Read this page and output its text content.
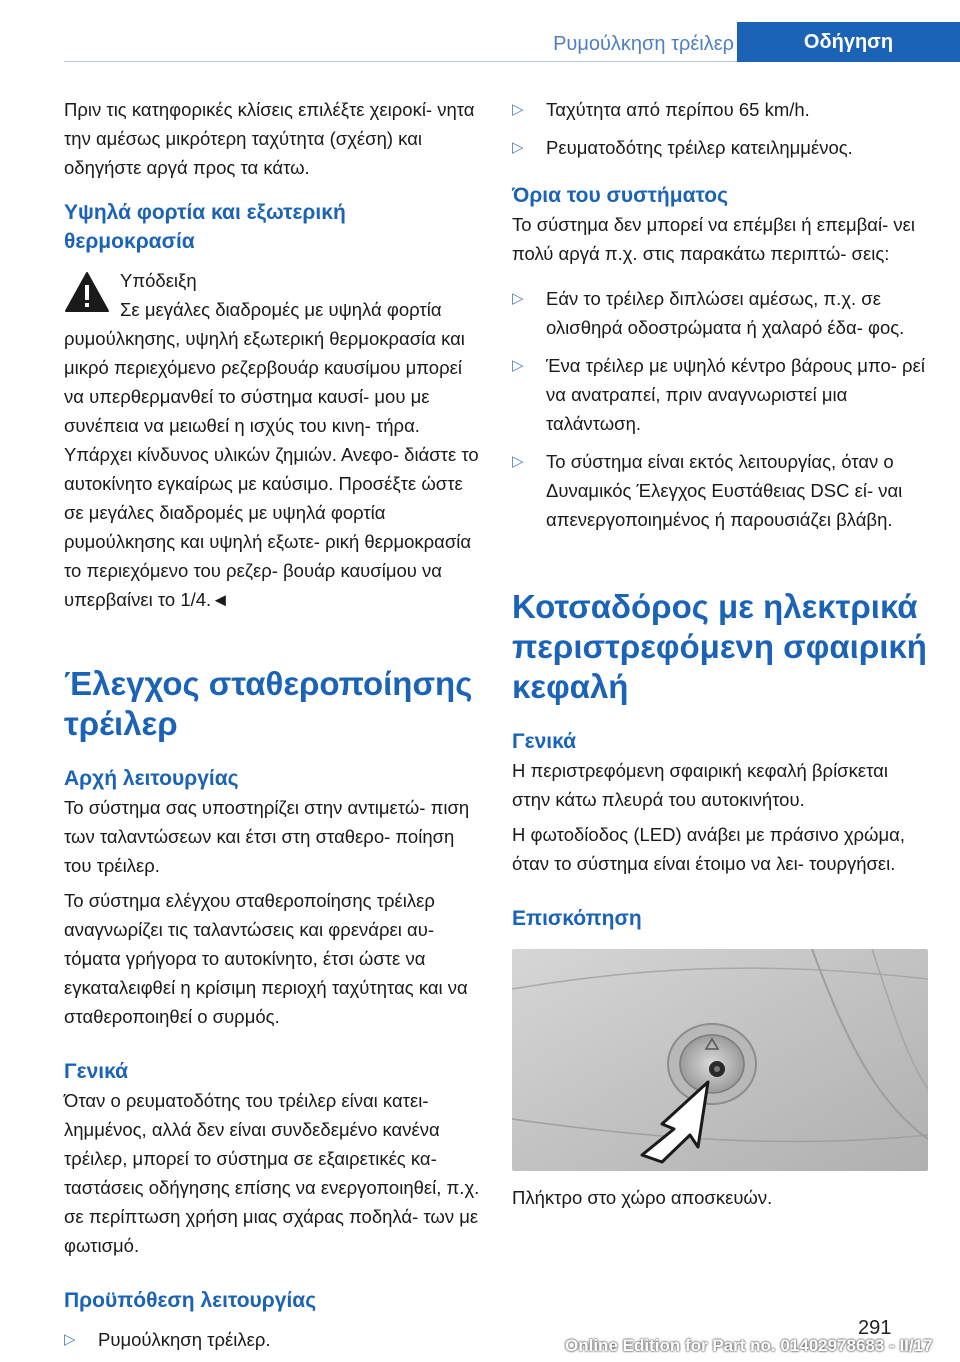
Ρυμούλκηση τρέιλερ	Οδήγηση

Πριν τις κατηφορικές κλίσεις επιλέξτε χειροκί- νητα την αμέσως μικρότερη ταχύτητα (σχέση) και οδηγήστε αργά προς τα κάτω.

Υψηλά φορτία και εξωτερική θερμοκρασία
Υπόδειξη

Σε μεγάλες διαδρομές με υψηλά φορτία ρυμούλκησης, υψηλή εξωτερική θερμοκρασία και μικρό περιεχόμενο ρεζερβουάρ καυσίμου μπορεί να υπερθερμανθεί το σύστημα καυσί- μου με συνέπεια να μειωθεί η ισχύς του κινη- τήρα. Υπάρχει κίνδυνος υλικών ζημιών. Ανεφο- διάστε το αυτοκίνητο εγκαίρως με καύσιμο. Προσέξτε ώστε σε μεγάλες διαδρομές με υψηλά φορτία ρυμούλκησης και υψηλή εξωτε- ρική θερμοκρασία το περιεχόμενο του ρεζερ- βουάρ καυσίμου να υπερβαίνει το 1/4.◄

Έλεγχος σταθεροποίησης τρέιλερ
Αρχή λειτουργίας

Το σύστημα σας υποστηρίζει στην αντιμετώ- πιση των ταλαντώσεων και έτσι στη σταθερο- ποίηση του τρέιλερ.

Το σύστημα ελέγχου σταθεροποίησης τρέιλερ αναγνωρίζει τις ταλαντώσεις και φρενάρει αυ- τόματα γρήγορα το αυτοκίνητο, έτσι ώστε να εγκαταλειφθεί η κρίσιμη περιοχή ταχύτητας και να σταθεροποιηθεί ο συρμός.

Γενικά

Όταν ο ρευματοδότης του τρέιλερ είναι κατει- λημμένος, αλλά δεν είναι συνδεδεμένο κανένα τρέιλερ, μπορεί το σύστημα σε εξαιρετικές κα- ταστάσεις οδήγησης επίσης να ενεργοποιηθεί, π.χ. σε περίπτωση χρήση μιας σχάρας ποδηλά- των με φωτισμό.

Προϋπόθεση λειτουργίας
▷ Ρυμούλκηση τρέιλερ.
▷ Ταχύτητα από περίπου 65 km/h.
▷ Ρευματοδότης τρέιλερ κατειλημμένος.
Όρια του συστήματος

Το σύστημα δεν μπορεί να επέμβει ή επεμβαί- νει πολύ αργά π.χ. στις παρακάτω περιπτώ- σεις:

▷ Εάν το τρέιλερ διπλώσει αμέσως, π.χ. σε ολισθηρά οδοστρώματα ή χαλαρό έδα- φος.
▷ Ένα τρέιλερ με υψηλό κέντρο βάρους μπο- ρεί να ανατραπεί, πριν αναγνωριστεί μια ταλάντωση.
▷ Το σύστημα είναι εκτός λειτουργίας, όταν ο Δυναμικός Έλεγχος Ευστάθειας DSC εί- ναι απενεργοποιημένος ή παρουσιάζει βλάβη.
Κοτσαδόρος με ηλεκτρικά περιστρεφόμενη σφαιρική κεφαλή
Γενικά

Η περιστρεφόμενη σφαιρική κεφαλή βρίσκεται στην κάτω πλευρά του αυτοκινήτου.

Η φωτοδίοδος (LED) ανάβει με πράσινο χρώμα, όταν το σύστημα είναι έτοιμο να λει- τουργήσει.

Επισκόπηση

Πλήκτρο στο χώρο αποσκευών.

291
Online Edition for Part no. 01402978683 - II/17
